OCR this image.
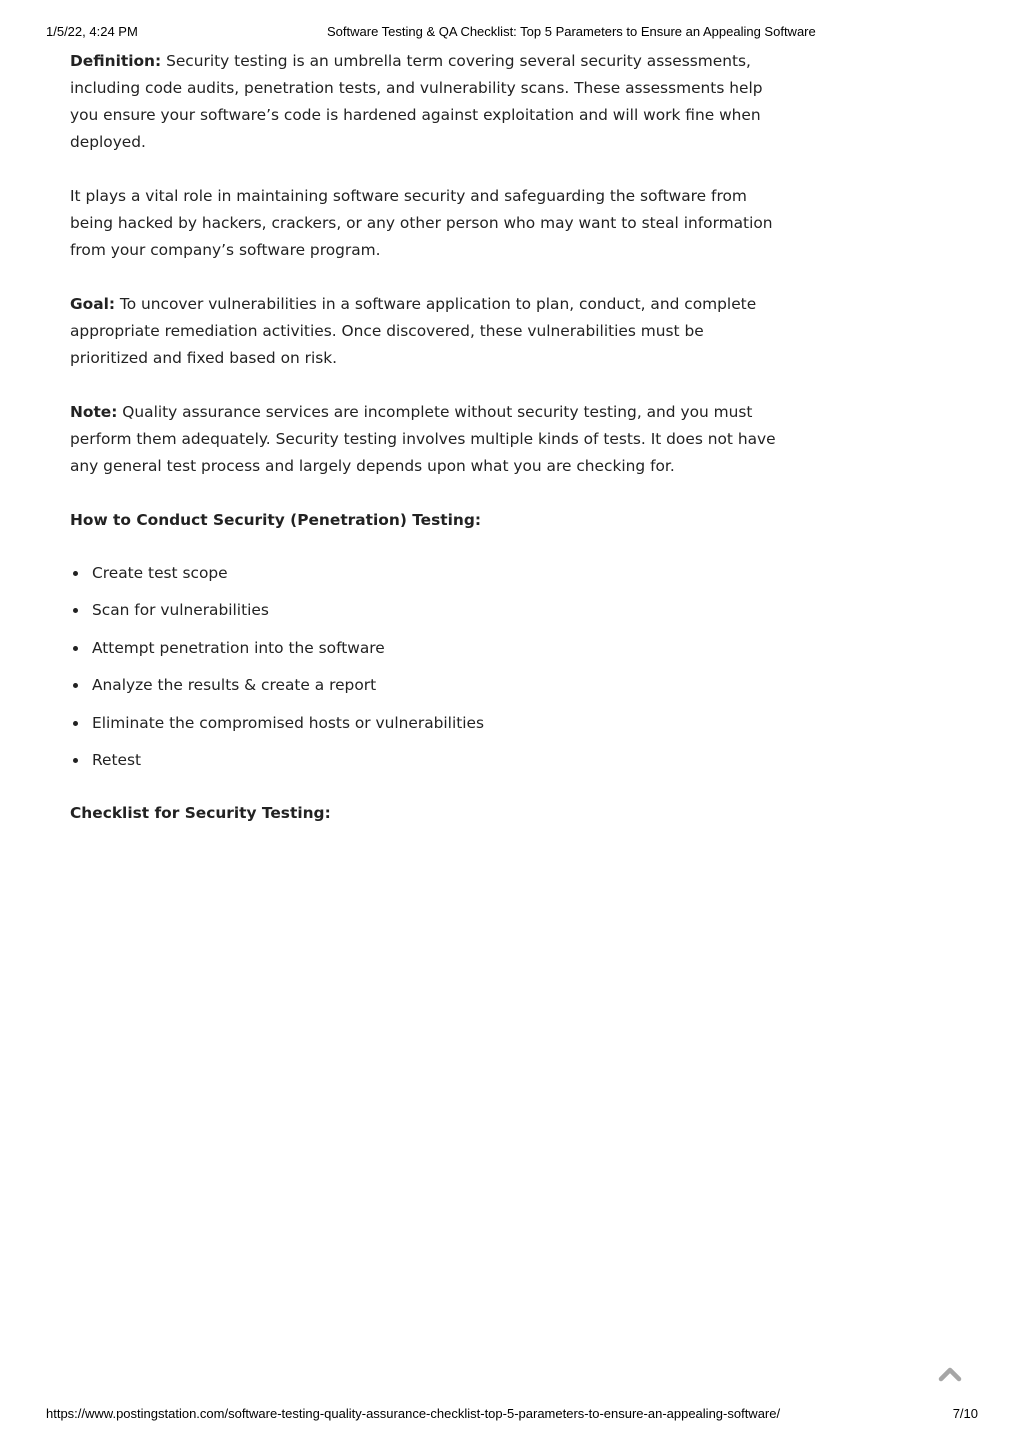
1/5/22, 4:24 PM	Software Testing & QA Checklist: Top 5 Parameters to Ensure an Appealing Software

Definition: Security testing is an umbrella term covering several security assessments, including code audits, penetration tests, and vulnerability scans. These assessments help you ensure your software’s code is hardened against exploitation and will work fine when deployed.

It plays a vital role in maintaining software security and safeguarding the software from being hacked by hackers, crackers, or any other person who may want to steal information from your company’s software program.

Goal: To uncover vulnerabilities in a software application to plan, conduct, and complete appropriate remediation activities. Once discovered, these vulnerabilities must be prioritized and fixed based on risk.

Note: Quality assurance services are incomplete without security testing, and you must perform them adequately. Security testing involves multiple kinds of tests. It does not have any general test process and largely depends upon what you are checking for.

How to Conduct Security (Penetration) Testing:
Create test scope
Scan for vulnerabilities
Attempt penetration into the software
Analyze the results & create a report
Eliminate the compromised hosts or vulnerabilities
Retest
Checklist for Security Testing:
https://www.postingstation.com/software-testing-quality-assurance-checklist-top-5-parameters-to-ensure-an-appealing-software/	7/10
